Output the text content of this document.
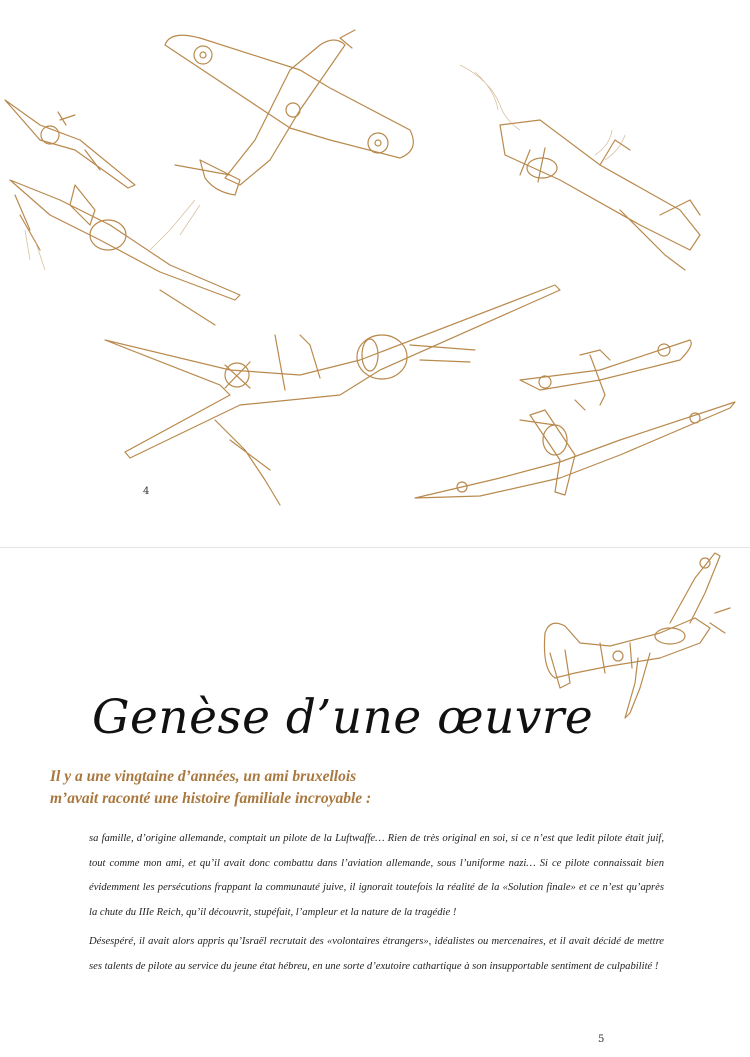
4
Genèse d’une œuvre
Il y a une vingtaine d’années, un ami bruxellois
m’avait raconté une histoire familiale incroyable :

sa famille, d’origine allemande, comptait un pilote de la Luftwaffe… Rien de très original en soi, si ce n’est que ledit pilote était juif, tout comme mon ami, et qu’il avait donc combattu dans l’aviation allemande, sous l’uniforme nazi… Si ce pilote connaissait bien évidemment les persécutions frappant la communauté juive, il ignorait toutefois la réalité de la «Solution finale» et ce n’est qu’après la chute du IIIe Reich, qu’il découvrit, stupéfait, l’ampleur et la nature de la tragédie !

Désespéré, il avait alors appris qu’Israël recrutait des «volontaires étrangers», idéalistes ou mercenaires, et il avait décidé de mettre ses talents de pilote au service du jeune état hébreu, en une sorte d’exutoire cathartique à son insupportable sentiment de culpabilité !

5
